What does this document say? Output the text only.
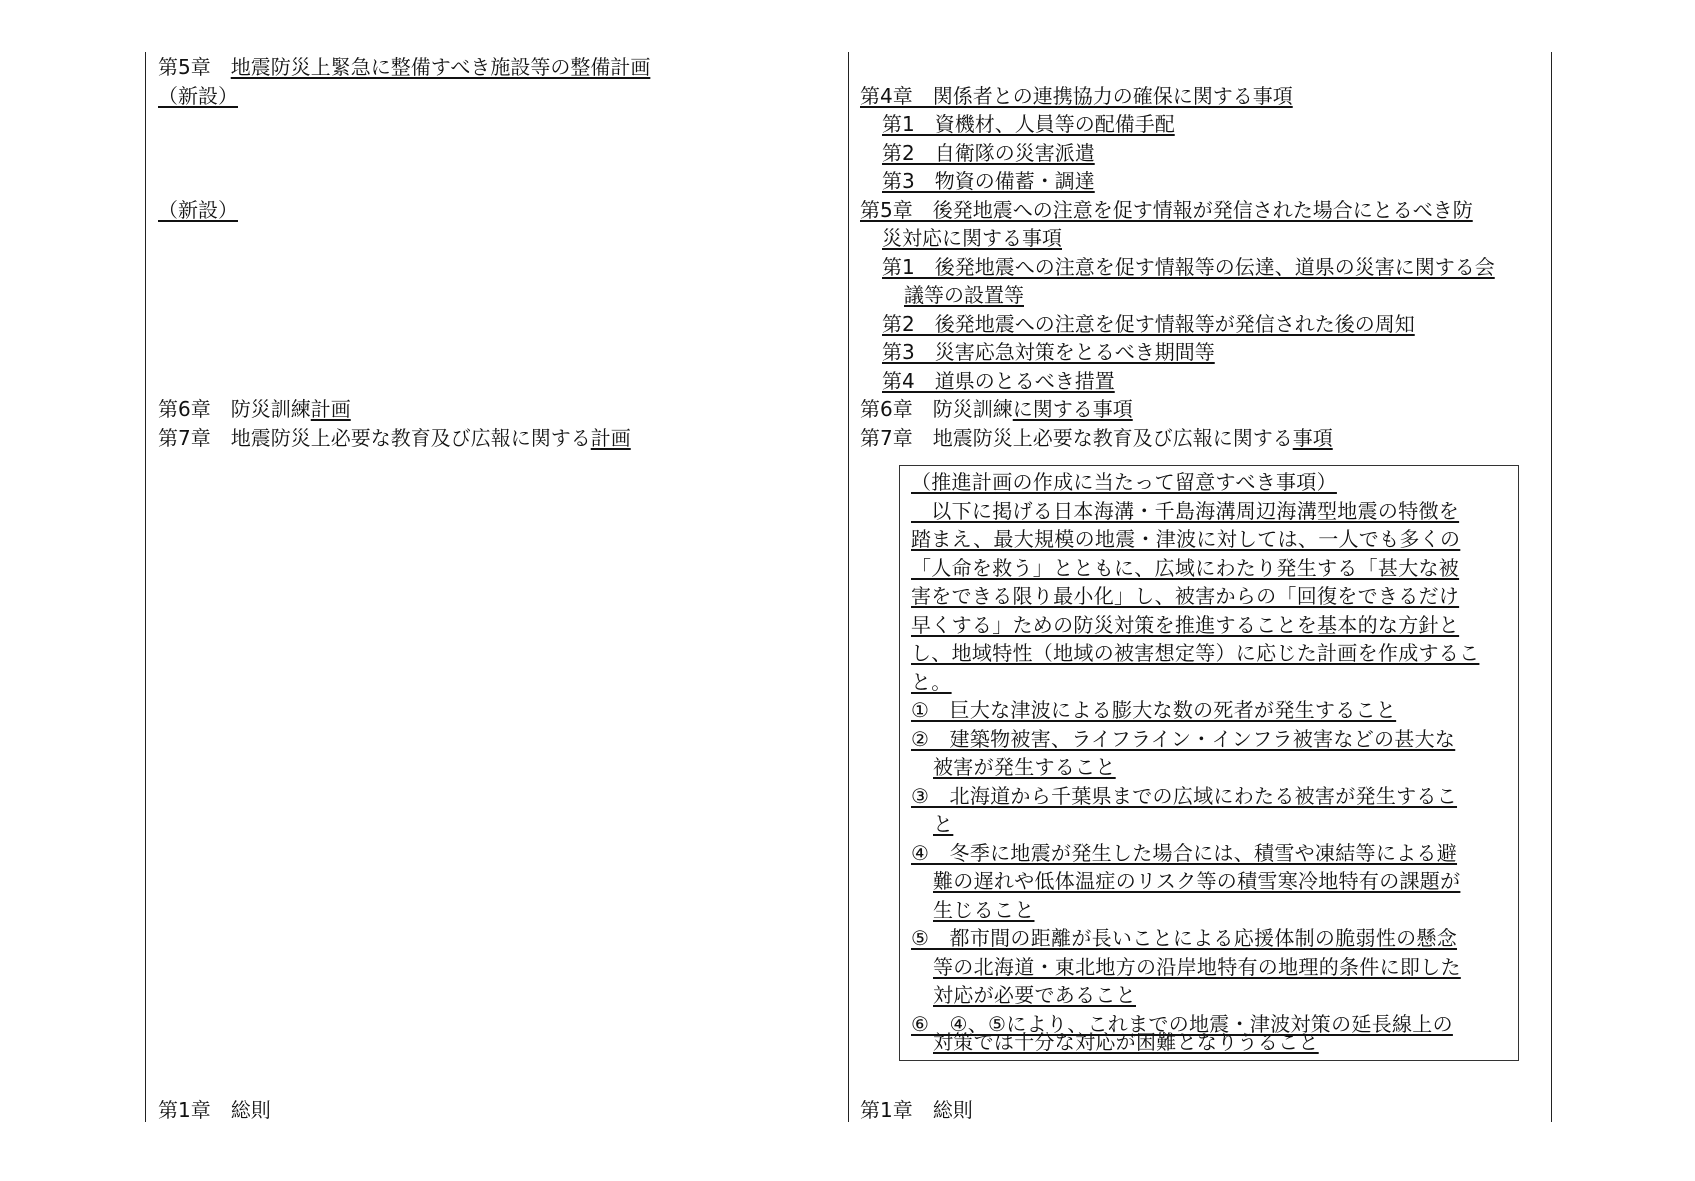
第5章　地震防災上緊急に整備すべき施設等の整備計画
（新設）
（新設）
第6章　防災訓練計画
第7章　地震防災上必要な教育及び広報に関する計画
第1章　総則
第4章　関係者との連携協力の確保に関する事項
第1　資機材、人員等の配備手配
第2　自衛隊の災害派遣
第3　物資の備蓄・調達
第5章　後発地震への注意を促す情報が発信された場合にとるべき防
災対応に関する事項
第1　後発地震への注意を促す情報等の伝達、道県の災害に関する会
議等の設置等
第2　後発地震への注意を促す情報等が発信された後の周知
第3　災害応急対策をとるべき期間等
第4　道県のとるべき措置
第6章　防災訓練に関する事項
第7章　地震防災上必要な教育及び広報に関する事項
（推進計画の作成に当たって留意すべき事項）
　以下に掲げる日本海溝・千島海溝周辺海溝型地震の特徴を
踏まえ、最大規模の地震・津波に対しては、一人でも多くの
「人命を救う」とともに、広域にわたり発生する「甚大な被
害をできる限り最小化」し、被害からの「回復をできるだけ
早くする」ための防災対策を推進することを基本的な方針と
し、地域特性（地域の被害想定等）に応じた計画を作成するこ
と。
①　巨大な津波による膨大な数の死者が発生すること
②　建築物被害、ライフライン・インフラ被害などの甚大な
被害が発生すること
③　北海道から千葉県までの広域にわたる被害が発生するこ
と
④　冬季に地震が発生した場合には、積雪や凍結等による避
難の遅れや低体温症のリスク等の積雪寒冷地特有の課題が
生じること
⑤　都市間の距離が長いことによる応援体制の脆弱性の懸念
等の北海道・東北地方の沿岸地特有の地理的条件に即した
対応が必要であること
⑥　④、⑤により、これまでの地震・津波対策の延長線上の
対策では十分な対応が困難となりうること
第1章　総則
